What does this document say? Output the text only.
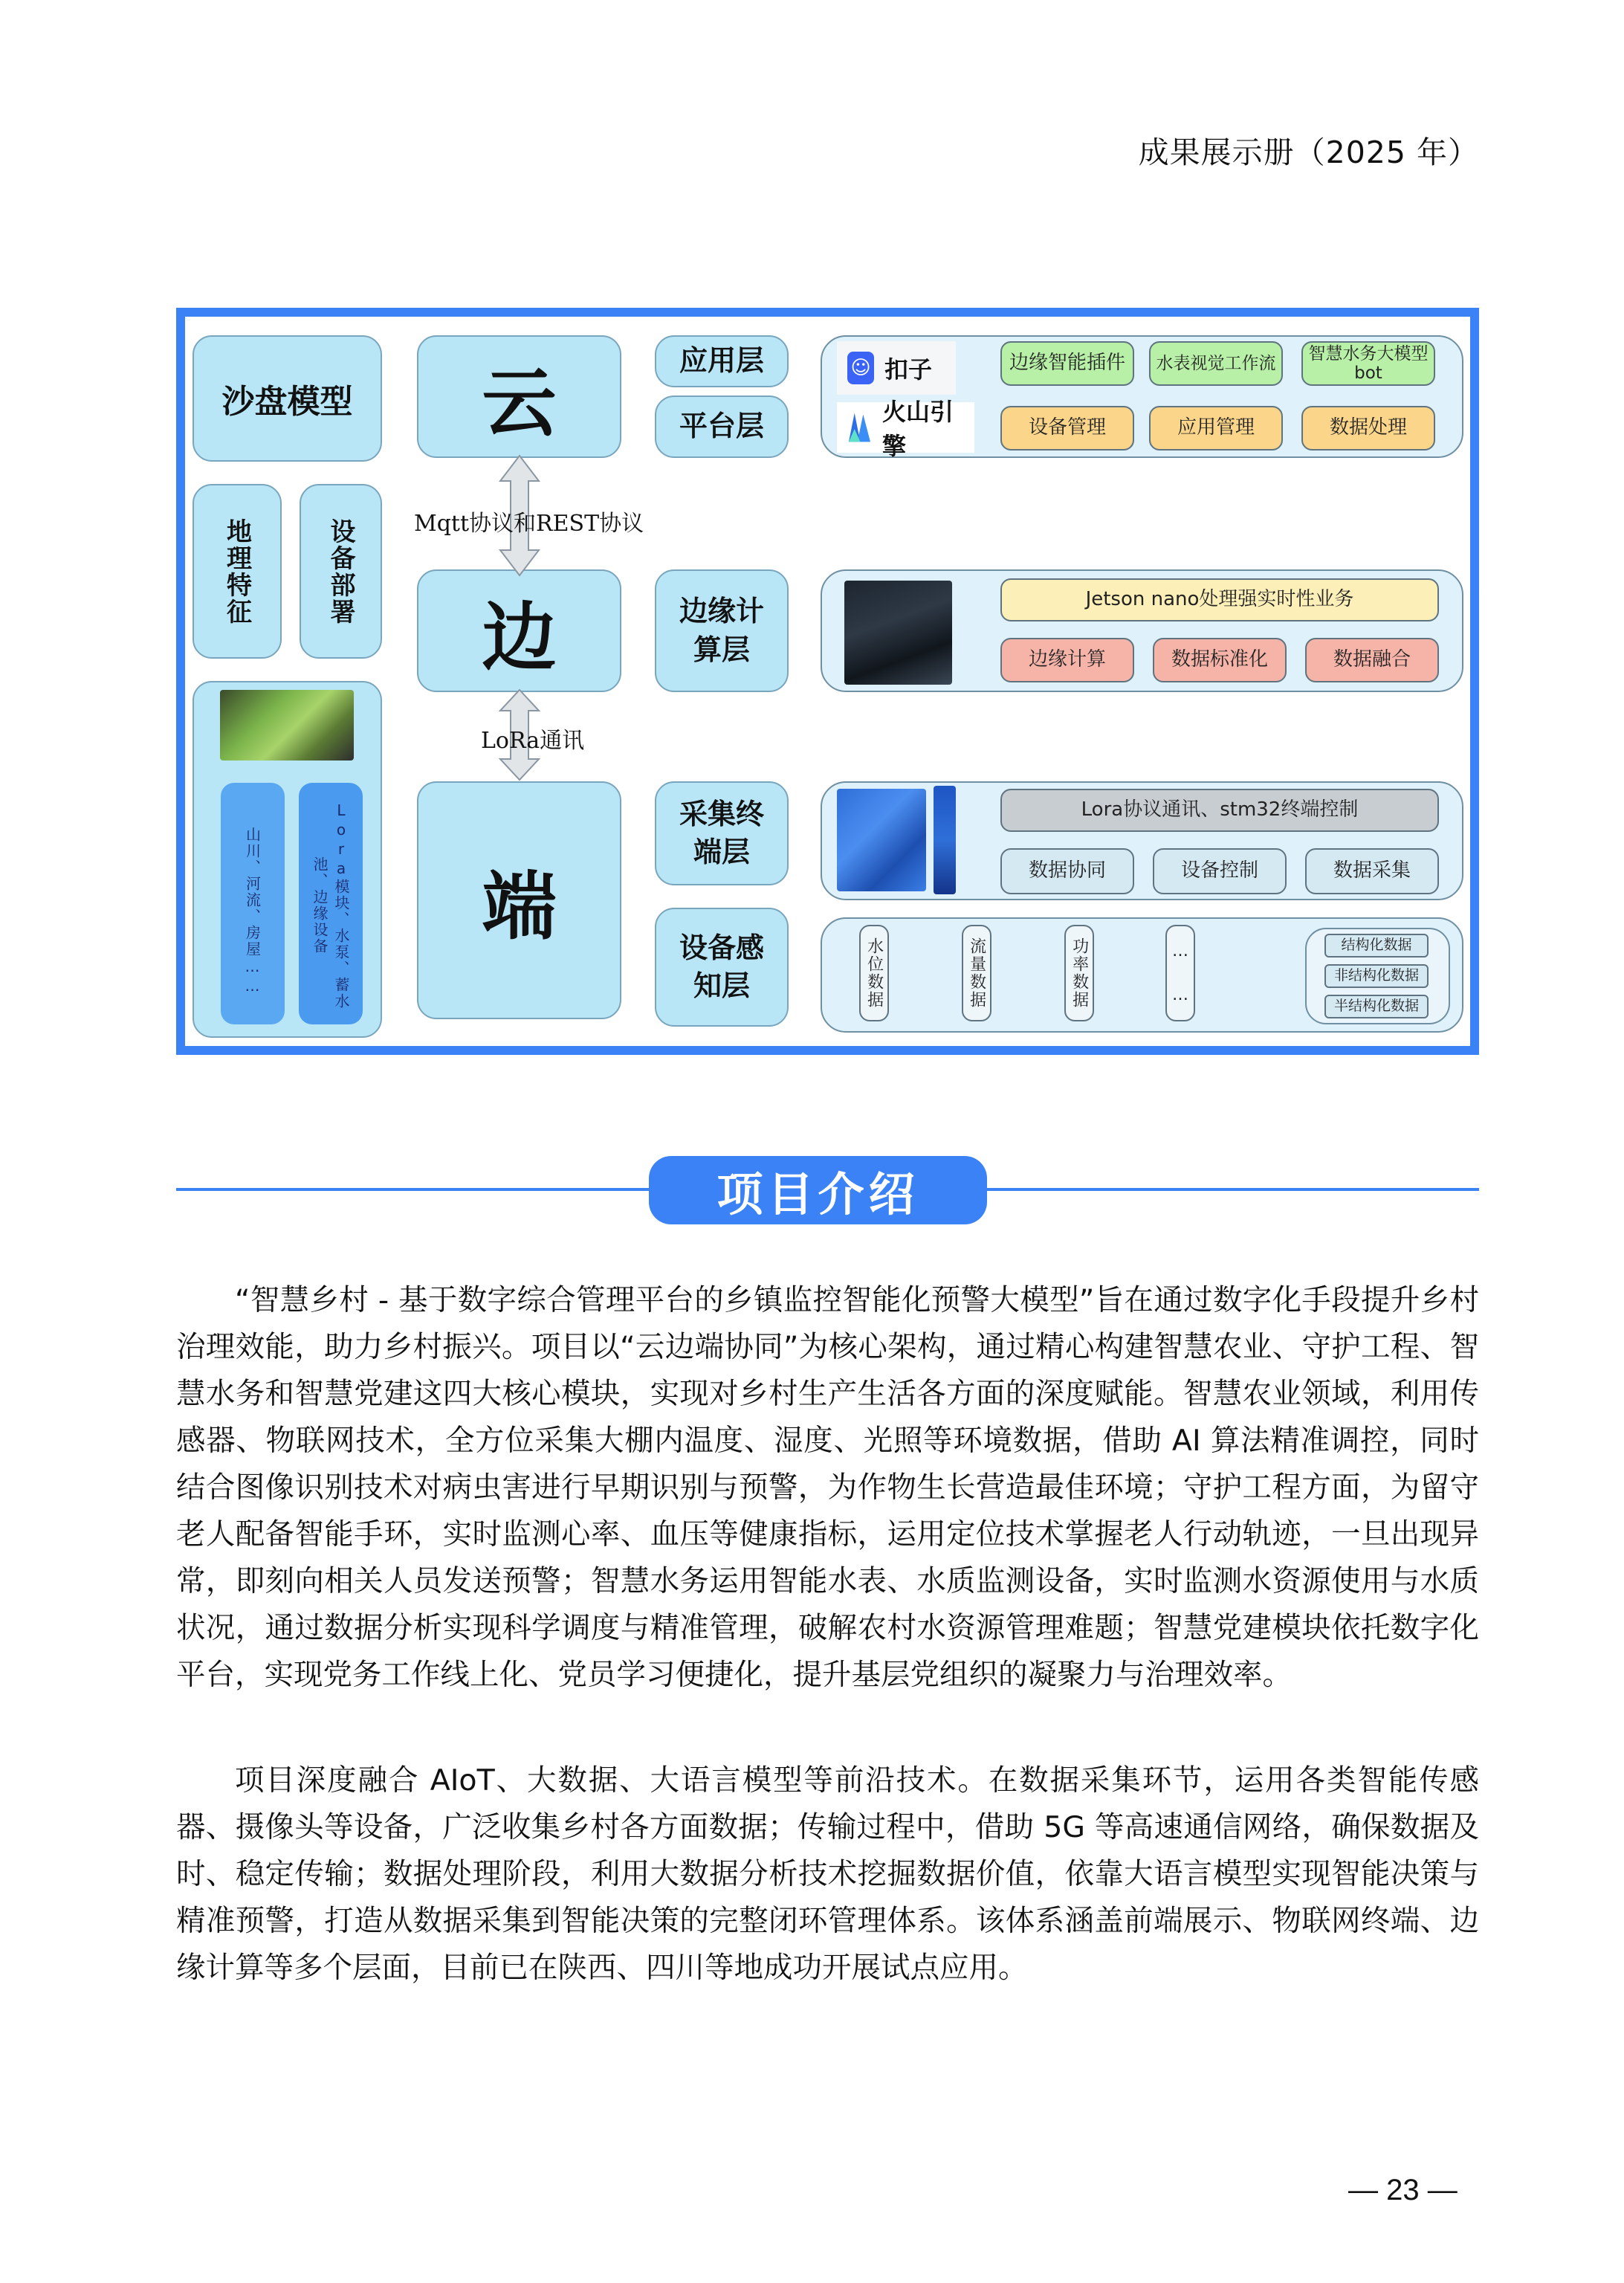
成果展示册（2025 年）
沙盘模型
地理特征	设备部署
山川、河流、房屋……	Lora模块、水泵、蓄水池、边缘设备
云
边
端
Mqtt协议和REST协议
LoRa通讯
应用层
平台层
边缘计算层
采集终端层
设备感知层
☺ 扣子
火山引擎
边缘智能插件	水表视觉工作流
智慧水务大模型bot
设备管理	应用管理	数据处理
Jetson nano处理强实时性业务
边缘计算	数据标准化	数据融合
Lora协议通讯、stm32终端控制
数据协同	设备控制	数据采集
水位数据	流量数据	功率数据	…
…
结构化数据
非结构化数据
半结构化数据
项目介绍

“智慧乡村 - 基于数字综合管理平台的乡镇监控智能化预警大模型”旨在通过数字化手段提升乡村治理效能，助力乡村振兴。项目以“云边端协同”为核心架构，通过精心构建智慧农业、守护工程、智慧水务和智慧党建这四大核心模块，实现对乡村生产生活各方面的深度赋能。智慧农业领域，利用传感器、物联网技术，全方位采集大棚内温度、湿度、光照等环境数据，借助 AI 算法精准调控，同时结合图像识别技术对病虫害进行早期识别与预警，为作物生长营造最佳环境；守护工程方面，为留守老人配备智能手环，实时监测心率、血压等健康指标，运用定位技术掌握老人行动轨迹，一旦出现异常，即刻向相关人员发送预警；智慧水务运用智能水表、水质监测设备，实时监测水资源使用与水质状况，通过数据分析实现科学调度与精准管理，破解农村水资源管理难题；智慧党建模块依托数字化平台，实现党务工作线上化、党员学习便捷化，提升基层党组织的凝聚力与治理效率。

项目深度融合 AIoT、大数据、大语言模型等前沿技术。在数据采集环节，运用各类智能传感器、摄像头等设备，广泛收集乡村各方面数据；传输过程中，借助 5G 等高速通信网络，确保数据及时、稳定传输；数据处理阶段，利用大数据分析技术挖掘数据价值，依靠大语言模型实现智能决策与精准预警，打造从数据采集到智能决策的完整闭环管理体系。该体系涵盖前端展示、物联网终端、边缘计算等多个层面，目前已在陕西、四川等地成功开展试点应用。

— 23 —
